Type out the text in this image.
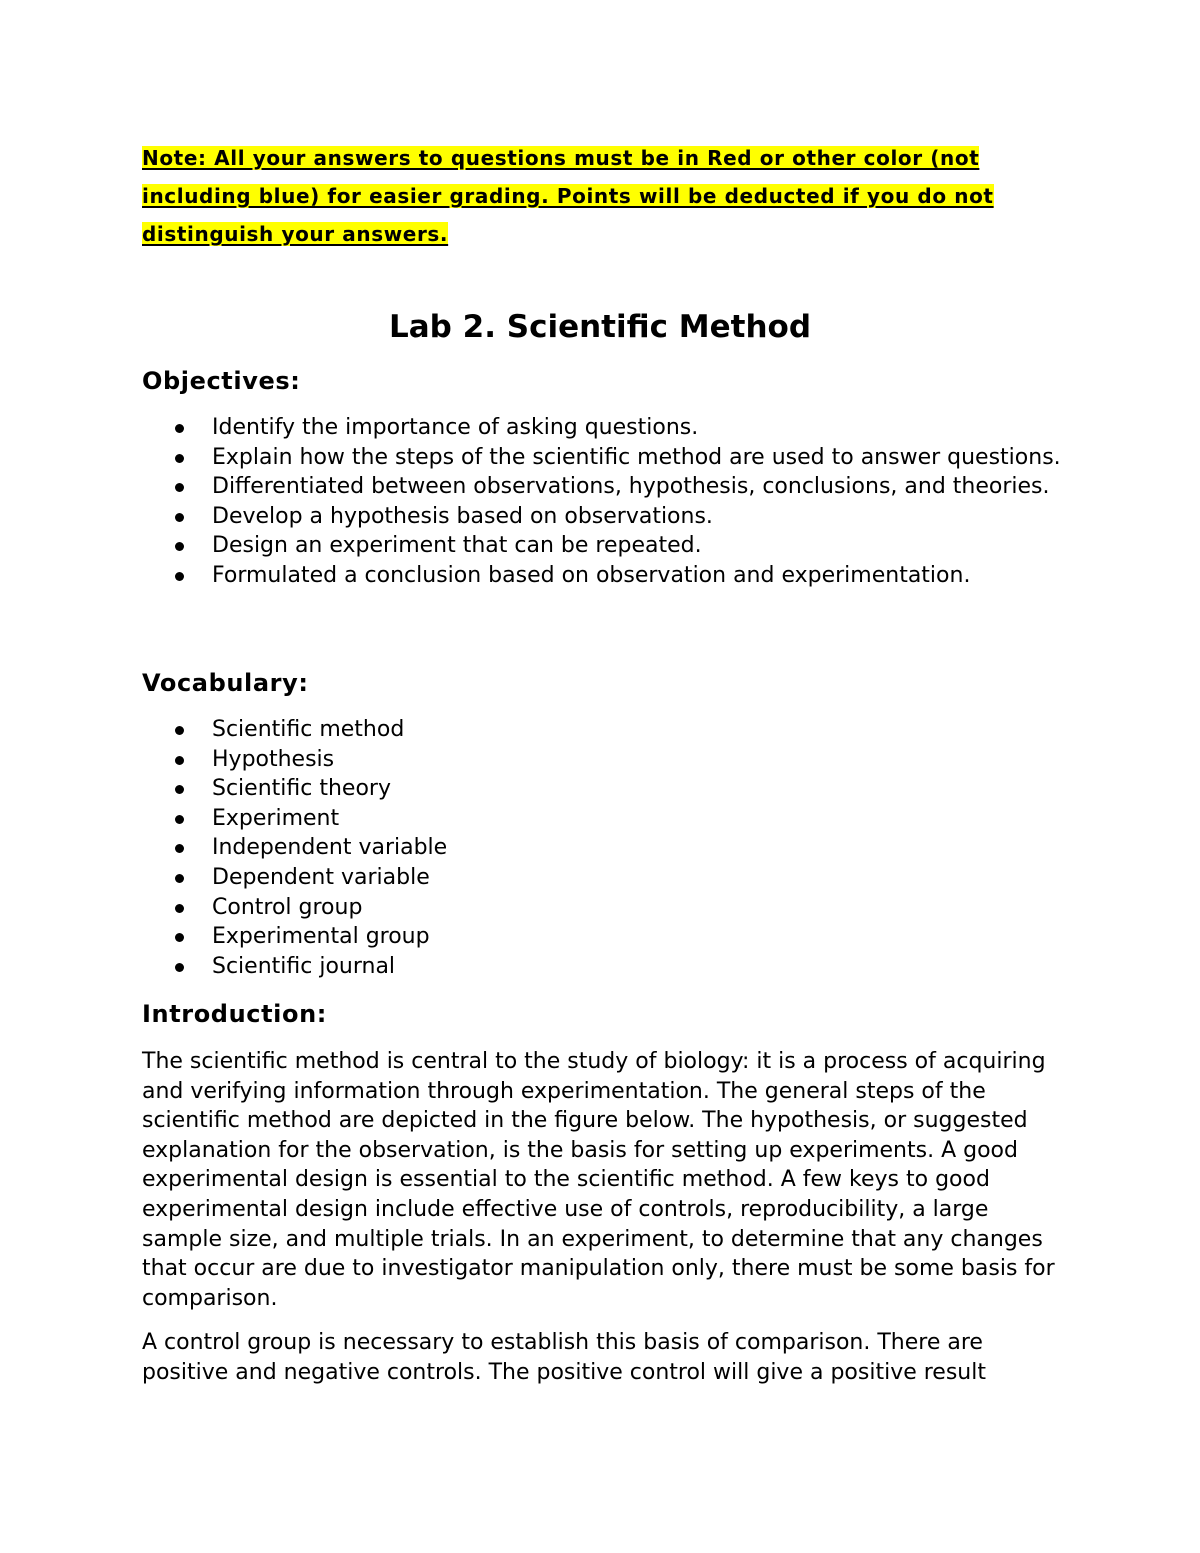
Note: All your answers to questions must be in Red or other color (not
including blue) for easier grading. Points will be deducted if you do not
distinguish your answers.
Lab 2. Scientific Method
Objectives:
Identify the importance of asking questions.
Explain how the steps of the scientific method are used to answer questions.
Differentiated between observations, hypothesis, conclusions, and theories.
Develop a hypothesis based on observations.
Design an experiment that can be repeated.
Formulated a conclusion based on observation and experimentation.
Vocabulary:
Scientific method
Hypothesis
Scientific theory
Experiment
Independent variable
Dependent variable
Control group
Experimental group
Scientific journal
Introduction:

The scientific method is central to the study of biology: it is a process of acquiring and verifying information through experimentation. The general steps of the scientific method are depicted in the figure below. The hypothesis, or suggested explanation for the observation, is the basis for setting up experiments. A good experimental design is essential to the scientific method. A few keys to good experimental design include effective use of controls, reproducibility, a large sample size, and multiple trials. In an experiment, to determine that any changes that occur are due to investigator manipulation only, there must be some basis for comparison.

A control group is necessary to establish this basis of comparison. There are positive and negative controls. The positive control will give a positive result
